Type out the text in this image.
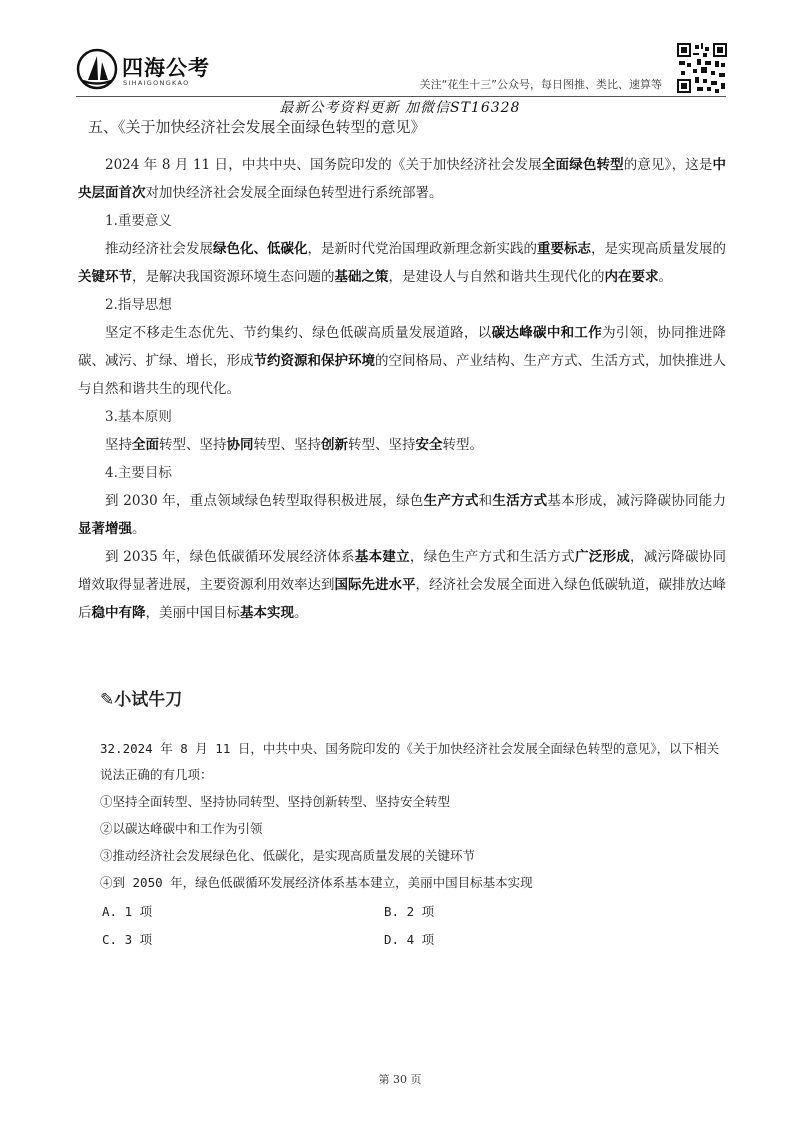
四海公考
SIHAIGONGKAO	关注“花生十三”公众号，每日图推、类比、速算等
最新公考资料更新 加微信ST16328
五、《关于加快经济社会发展全面绿色转型的意见》

2024 年 8 月 11 日，中共中央、国务院印发的《关于加快经济社会发展全面绿色转型的意见》，这是中央层面首次对加快经济社会发展全面绿色转型进行系统部署。

1.重要意义

推动经济社会发展绿色化、低碳化，是新时代党治国理政新理念新实践的重要标志，是实现高质量发展的关键环节，是解决我国资源环境生态问题的基础之策，是建设人与自然和谐共生现代化的内在要求。

2.指导思想

坚定不移走生态优先、节约集约、绿色低碳高质量发展道路，以碳达峰碳中和工作为引领，协同推进降碳、减污、扩绿、增长，形成节约资源和保护环境的空间格局、产业结构、生产方式、生活方式，加快推进人与自然和谐共生的现代化。

3.基本原则

坚持全面转型、坚持协同转型、坚持创新转型、坚持安全转型。

4.主要目标

到 2030 年，重点领域绿色转型取得积极进展，绿色生产方式和生活方式基本形成，减污降碳协同能力显著增强。

到 2035 年，绿色低碳循环发展经济体系基本建立，绿色生产方式和生活方式广泛形成，减污降碳协同增效取得显著进展，主要资源利用效率达到国际先进水平，经济社会发展全面进入绿色低碳轨道，碳排放达峰后稳中有降，美丽中国目标基本实现。

✎小试牛刀

32.2024 年 8 月 11 日，中共中央、国务院印发的《关于加快经济社会发展全面绿色转型的意见》，以下相关说法正确的有几项：

①坚持全面转型、坚持协同转型、坚持创新转型、坚持安全转型

②以碳达峰碳中和工作为引领

③推动经济社会发展绿色化、低碳化，是实现高质量发展的关键环节

④到 2050 年，绿色低碳循环发展经济体系基本建立，美丽中国目标基本实现

A. 1 项	B. 2 项
C. 3 项	D. 4 项
第 30 页
